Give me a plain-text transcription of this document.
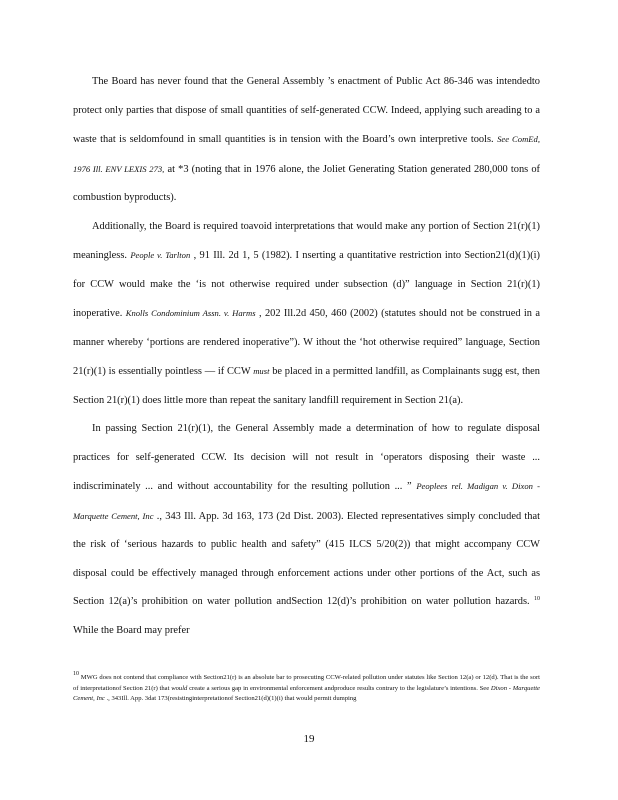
The Board has never found that the General Assembly ’s enactment of Public Act 86-346 was intendedto protect only parties that dispose of small quantities of self-generated CCW. Indeed, applying such areading to a waste that is seldomfound in small quantities is in tension with the Board’s own interpretive tools. See ComEd, 1976 Ill. ENV LEXIS 273, at *3 (noting that in 1976 alone, the Joliet Generating Station generated 280,000 tons of combustion byproducts).

Additionally, the Board is required toavoid interpretations that would make any portion of Section 21(r)(1) meaningless. People v. Tarlton , 91 Ill. 2d 1, 5 (1982). I nserting a quantitative restriction into Section21(d)(1)(i) for CCW would make the ‘is not otherwise required under subsection (d)” language in Section 21(r)(1) inoperative. Knolls Condominium Assn. v. Harms , 202 Ill.2d 450, 460 (2002) (statutes should not be construed in a manner whereby ‘portions are rendered inoperative”). W ithout the ‘hot otherwise required” language, Section 21(r)(1) is essentially pointless — if CCW must be placed in a permitted landfill, as Complainants sugg est, then Section 21(r)(1) does little more than repeat the sanitary landfill requirement in Section 21(a).

In passing Section 21(r)(1), the General Assembly made a determination of how to regulate disposal practices for self-generated CCW. Its decision will not result in ‘operators disposing their waste ... indiscriminately ... and without accountability for the resulting pollution ... ” Peoplees rel. Madigan v. Dixon -Marquette Cement, Inc ., 343 Ill. App. 3d 163, 173 (2d Dist. 2003). Elected representatives simply concluded that the risk of ‘serious hazards to public health and safety” (415 ILCS 5/20(2)) that might accompany CCW disposal could be effectively managed through enforcement actions under other portions of the Act, such as Section 12(a)’s prohibition on water pollution andSection 12(d)’s prohibition on water pollution hazards. $^{10}$ While the Board may prefer

$^{10}$ MWG does not contend that compliance with Section21(r) is an absolute bar to prosecuting CCW-related pollution under statutes like Section 12(a) or 12(d). That is the sort of interpretationof Section 21(r) that would create a serious gap in environmental enforcement andproduce results contrary to the legislature’s intentions. See Dixon - Marquette Cement, Inc ., 343Ill. App. 3dat 173(resistinginterpretationof Section21(d)(1)(i) that would permit dumping
19
